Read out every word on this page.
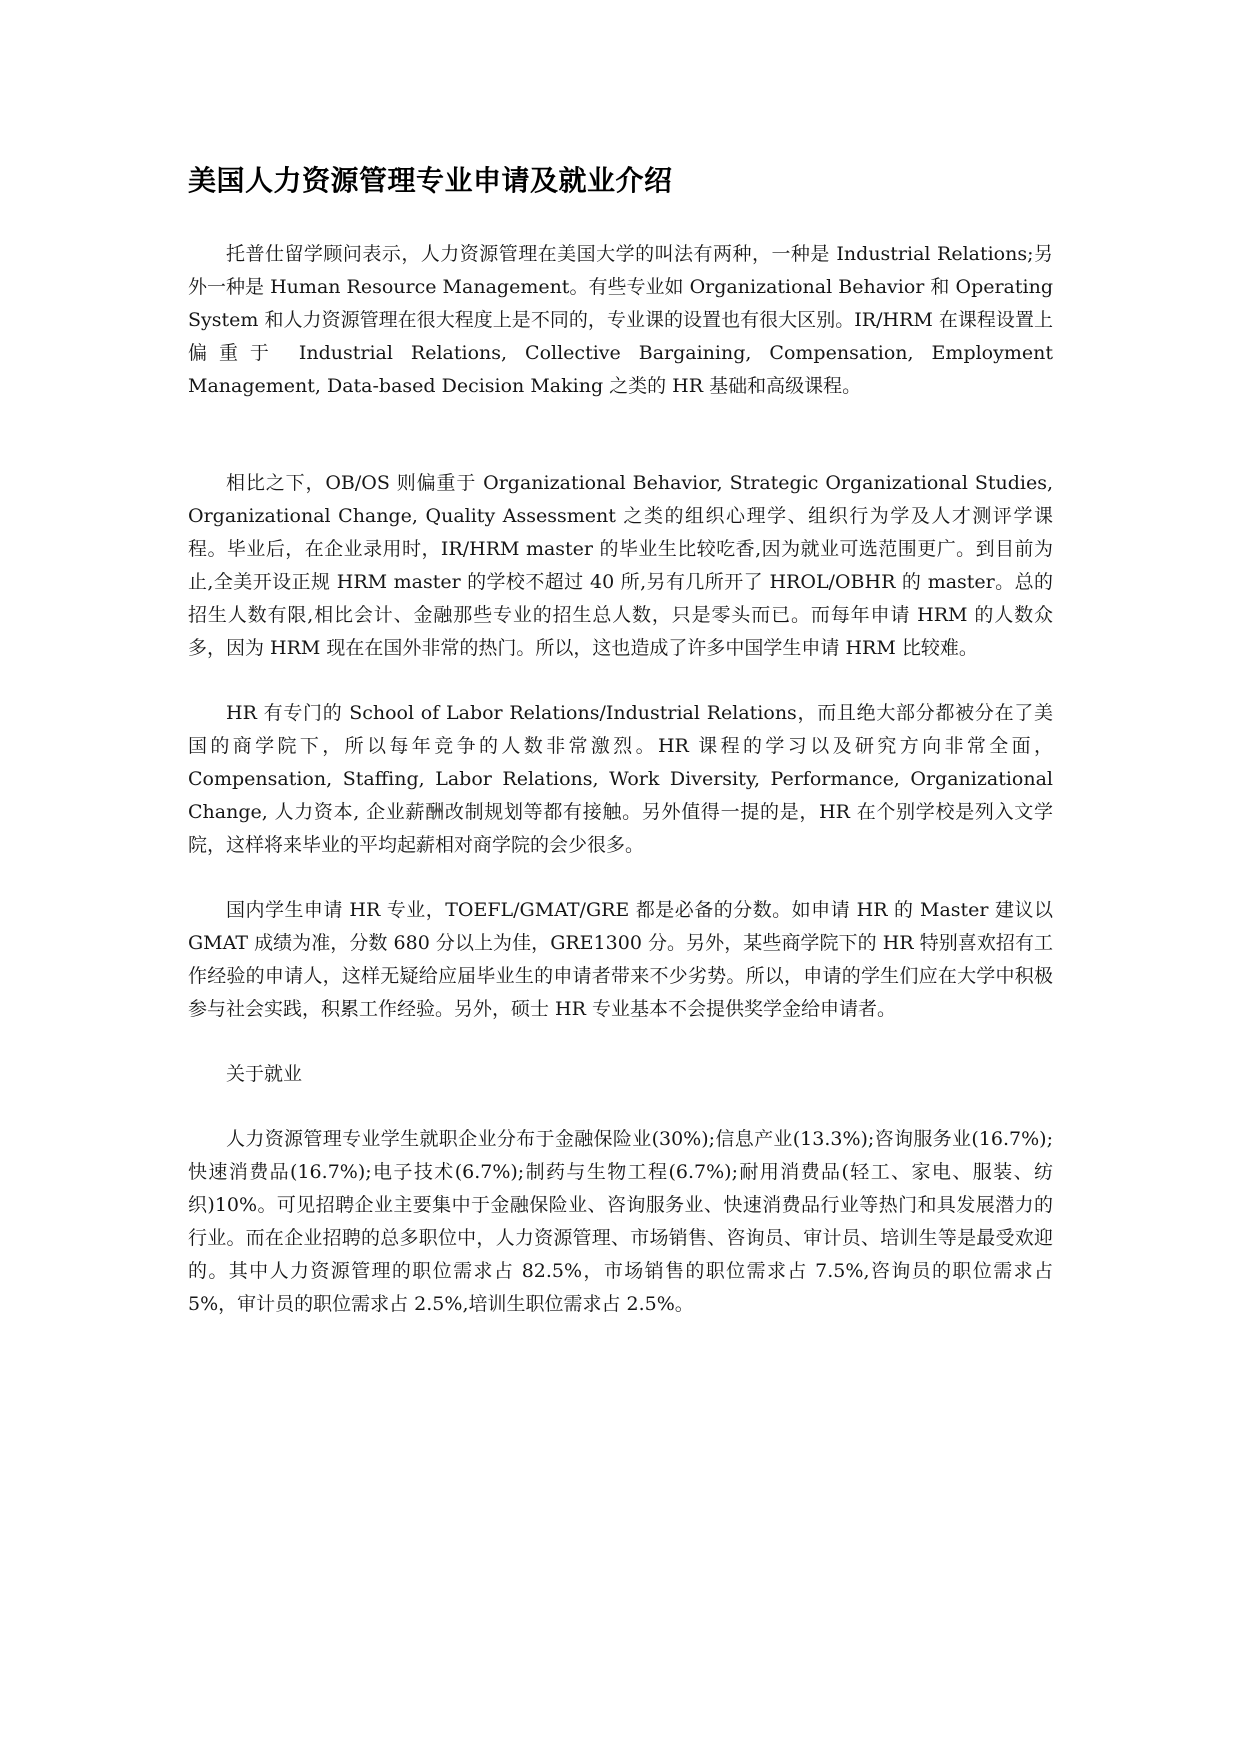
美国人力资源管理专业申请及就业介绍

托普仕留学顾问表示，人力资源管理在美国大学的叫法有两种，一种是 Industrial Relations;另外一种是 Human Resource Management。有些专业如 Organizational Behavior 和 Operating System 和人力资源管理在很大程度上是不同的，专业课的设置也有很大区别。IR/HRM 在课程设置上偏重于 Industrial Relations, Collective Bargaining, Compensation, Employment Management, Data-based Decision Making 之类的 HR 基础和高级课程。

相比之下，OB/OS 则偏重于 Organizational Behavior, Strategic Organizational Studies, Organizational Change, Quality Assessment 之类的组织心理学、组织行为学及人才测评学课程。毕业后，在企业录用时，IR/HRM master 的毕业生比较吃香,因为就业可选范围更广。到目前为止,全美开设正规 HRM master 的学校不超过 40 所,另有几所开了 HROL/OBHR 的 master。总的招生人数有限,相比会计、金融那些专业的招生总人数，只是零头而已。而每年申请 HRM 的人数众多，因为 HRM 现在在国外非常的热门。所以，这也造成了许多中国学生申请 HRM 比较难。

HR 有专门的 School of Labor Relations/Industrial Relations，而且绝大部分都被分在了美国的商学院下，所以每年竞争的人数非常激烈。HR 课程的学习以及研究方向非常全面，Compensation, Staffing, Labor Relations, Work Diversity, Performance, Organizational Change, 人力资本, 企业薪酬改制规划等都有接触。另外值得一提的是，HR 在个别学校是列入文学院，这样将来毕业的平均起薪相对商学院的会少很多。

国内学生申请 HR 专业，TOEFL/GMAT/GRE 都是必备的分数。如申请 HR 的 Master 建议以 GMAT 成绩为准，分数 680 分以上为佳，GRE1300 分。另外，某些商学院下的 HR 特别喜欢招有工作经验的申请人，这样无疑给应届毕业生的申请者带来不少劣势。所以，申请的学生们应在大学中积极参与社会实践，积累工作经验。另外，硕士 HR 专业基本不会提供奖学金给申请者。

关于就业

人力资源管理专业学生就职企业分布于金融保险业(30%);信息产业(13.3%);咨询服务业(16.7%);快速消费品(16.7%);电子技术(6.7%);制药与生物工程(6.7%);耐用消费品(轻工、家电、服装、纺织)10%。可见招聘企业主要集中于金融保险业、咨询服务业、快速消费品行业等热门和具发展潜力的行业。而在企业招聘的总多职位中，人力资源管理、市场销售、咨询员、审计员、培训生等是最受欢迎的。其中人力资源管理的职位需求占 82.5%，市场销售的职位需求占 7.5%,咨询员的职位需求占 5%，审计员的职位需求占 2.5%,培训生职位需求占 2.5%。
